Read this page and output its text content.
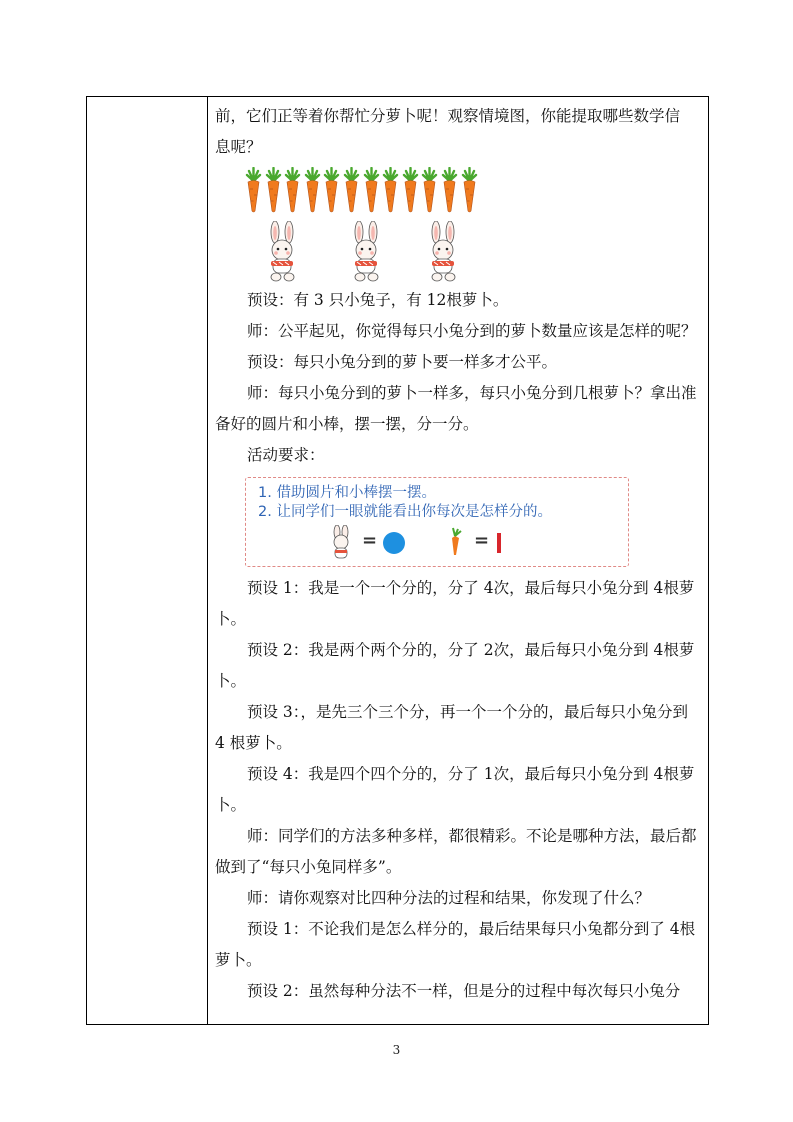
前，它们正等着你帮忙分萝卜呢！观察情境图，你能提取哪些数学信

息呢？

预设：有 3 只小兔子，有 12根萝卜。

师：公平起见，你觉得每只小兔分到的萝卜数量应该是怎样的呢？

预设：每只小兔分到的萝卜要一样多才公平。

师：每只小兔分到的萝卜一样多，每只小兔分到几根萝卜？拿出准备好的圆片和小棒，摆一摆，分一分。

活动要求：

1. 借助圆片和小棒摆一摆。
2. 让同学们一眼就能看出你每次是怎样分的。
=	=

预设 1：我是一个一个分的，分了 4次，最后每只小兔分到 4根萝卜。

预设 2：我是两个两个分的，分了 2次，最后每只小兔分到 4根萝卜。

预设 3：，是先三个三个分，再一个一个分的，最后每只小兔分到 4 根萝卜。

预设 4：我是四个四个分的，分了 1次，最后每只小兔分到 4根萝卜。

师：同学们的方法多种多样，都很精彩。不论是哪种方法，最后都做到了“每只小兔同样多”。

师：请你观察对比四种分法的过程和结果，你发现了什么？

预设 1：不论我们是怎么样分的，最后结果每只小兔都分到了 4根萝卜。

预设 2：虽然每种分法不一样，但是分的过程中每次每只小兔分

3
